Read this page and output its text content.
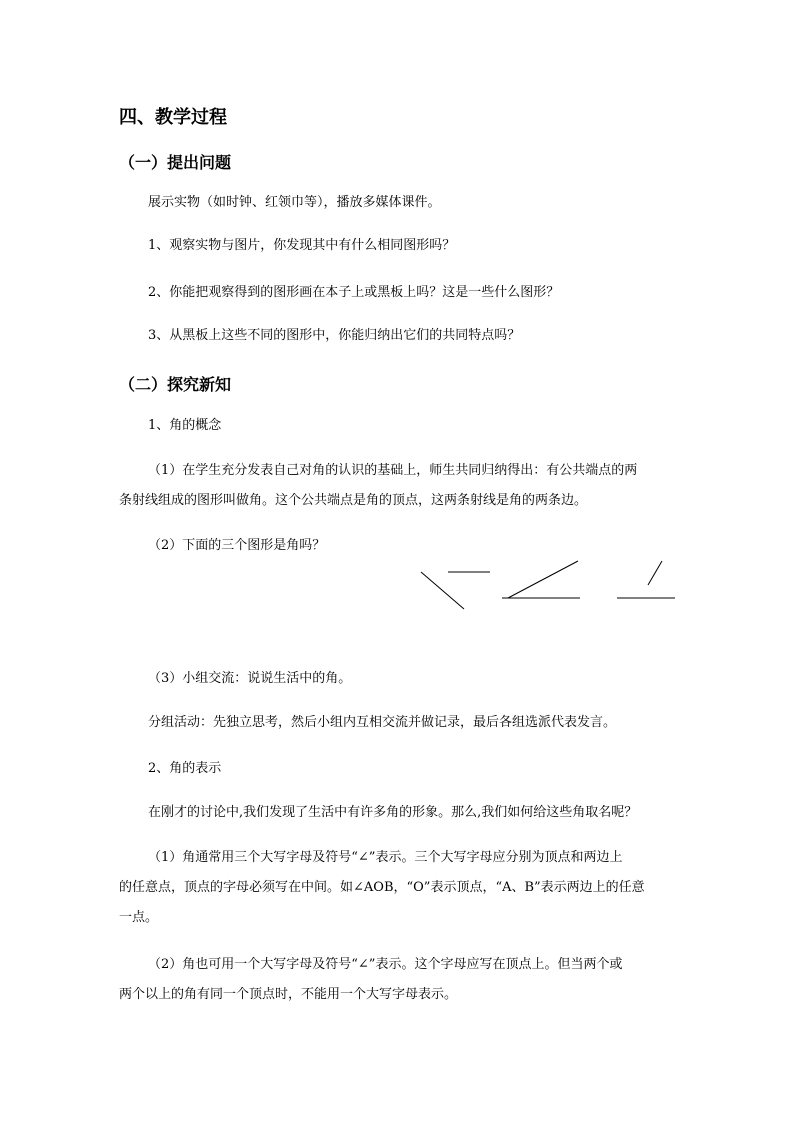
四、教学过程
（一）提出问题
展示实物（如时钟、红领巾等），播放多媒体课件。
1、观察实物与图片，你发现其中有什么相同图形吗？
2、你能把观察得到的图形画在本子上或黑板上吗？这是一些什么图形？
3、从黑板上这些不同的图形中，你能归纳出它们的共同特点吗？
（二）探究新知
1、角的概念
（1）在学生充分发表自己对角的认识的基础上，师生共同归纳得出：有公共端点的两
条射线组成的图形叫做角。这个公共端点是角的顶点，这两条射线是角的两条边。
（2）下面的三个图形是角吗？
（3）小组交流：说说生活中的角。
分组活动：先独立思考，然后小组内互相交流并做记录，最后各组选派代表发言。
2、角的表示
在刚才的讨论中,我们发现了生活中有许多角的形象。那么,我们如何给这些角取名呢？
（1）角通常用三个大写字母及符号“∠”表示。三个大写字母应分别为顶点和两边上
的任意点，顶点的字母必须写在中间。如∠AOB，“O”表示顶点，“A、B”表示两边上的任意
一点。
（2）角也可用一个大写字母及符号“∠”表示。这个字母应写在顶点上。但当两个或
两个以上的角有同一个顶点时，不能用一个大写字母表示。
